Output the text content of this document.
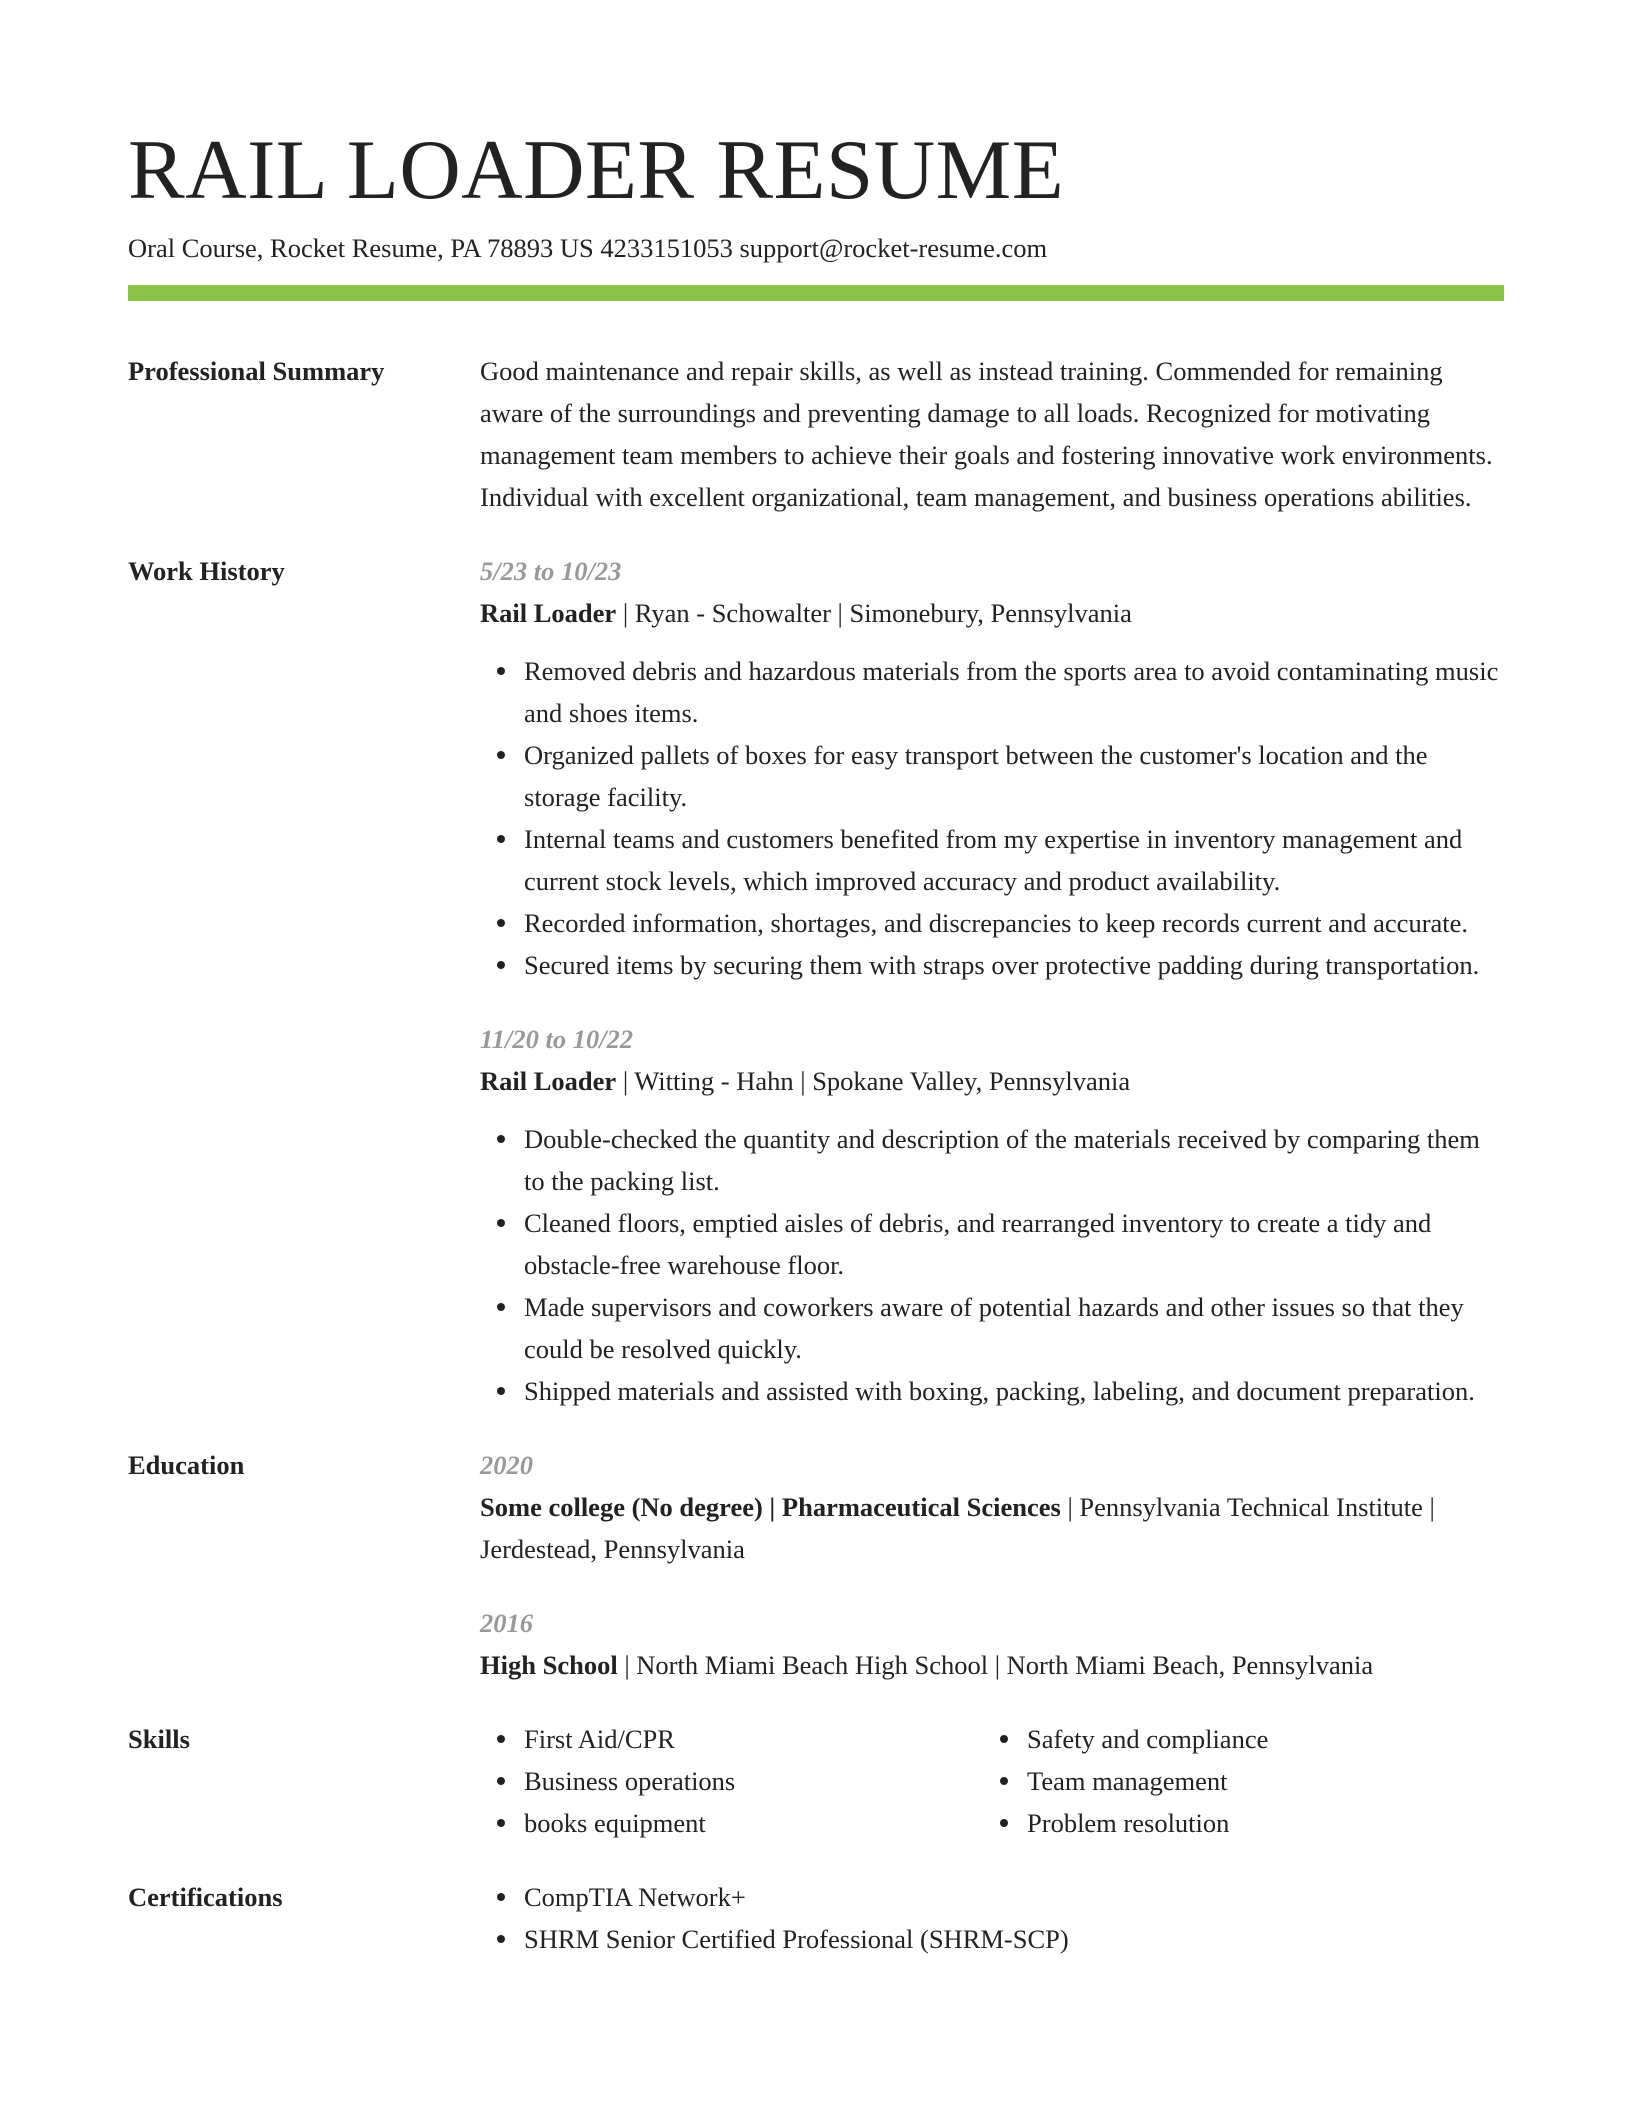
RAIL LOADER RESUME
Oral Course, Rocket Resume, PA 78893 US 4233151053 support@rocket-resume.com
Professional Summary	Good maintenance and repair skills, as well as instead training. Commended for remaining aware of the surroundings and preventing damage to all loads. Recognized for motivating management team members to achieve their goals and fostering innovative work environments. Individual with excellent organizational, team management, and business operations abilities.

Work History	5/23 to 10/23
Rail Loader | Ryan - Schowalter | Simonebury, Pennsylvania
Removed debris and hazardous materials from the sports area to avoid contaminating music and shoes items.
Organized pallets of boxes for easy transport between the customer's location and the storage facility.
Internal teams and customers benefited from my expertise in inventory management and current stock levels, which improved accuracy and product availability.
Recorded information, shortages, and discrepancies to keep records current and accurate.
Secured items by securing them with straps over protective padding during transportation.
11/20 to 10/22
Rail Loader | Witting - Hahn | Spokane Valley, Pennsylvania
Double-checked the quantity and description of the materials received by comparing them to the packing list.
Cleaned floors, emptied aisles of debris, and rearranged inventory to create a tidy and obstacle-free warehouse floor.
Made supervisors and coworkers aware of potential hazards and other issues so that they could be resolved quickly.
Shipped materials and assisted with boxing, packing, labeling, and document preparation.
Education	2020
Some college (No degree) | Pharmaceutical Sciences | Pennsylvania Technical Institute | Jerdestead, Pennsylvania
2016
High School | North Miami Beach High School | North Miami Beach, Pennsylvania
Skills	First Aid/CPR
Business operations
books equipment
Safety and compliance
Team management
Problem resolution
Certifications	CompTIA Network+
SHRM Senior Certified Professional (SHRM-SCP)
